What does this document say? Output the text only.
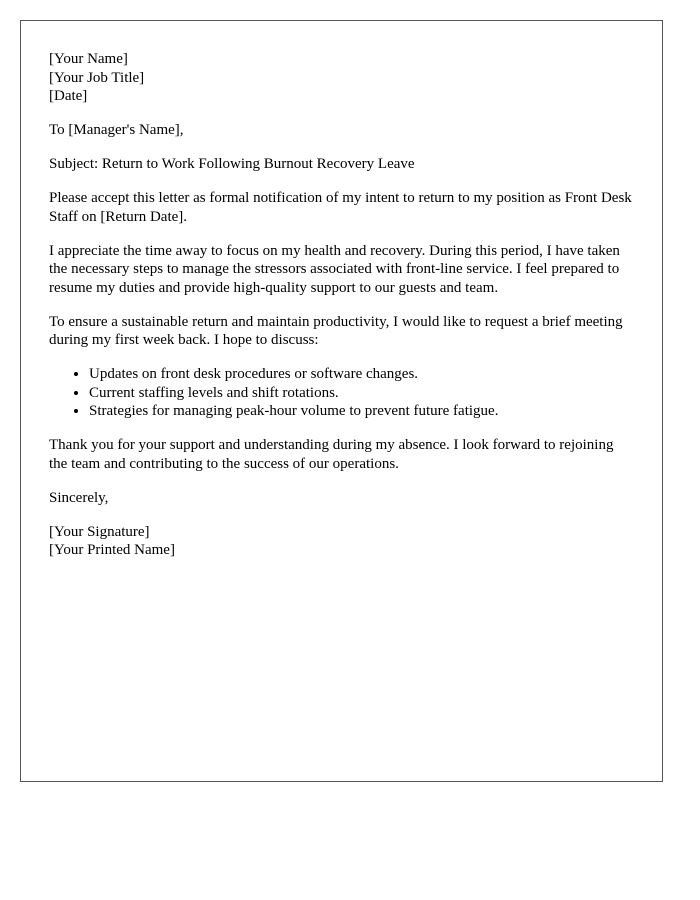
[Your Name]
[Your Job Title]
[Date]

To [Manager's Name],

Subject: Return to Work Following Burnout Recovery Leave

Please accept this letter as formal notification of my intent to return to my position as Front Desk Staff on [Return Date].

I appreciate the time away to focus on my health and recovery. During this period, I have taken the necessary steps to manage the stressors associated with front-line service. I feel prepared to resume my duties and provide high-quality support to our guests and team.

To ensure a sustainable return and maintain productivity, I would like to request a brief meeting during my first week back. I hope to discuss:

• Updates on front desk procedures or software changes.
• Current staffing levels and shift rotations.
• Strategies for managing peak-hour volume to prevent future fatigue.

Thank you for your support and understanding during my absence. I look forward to rejoining the team and contributing to the success of our operations.

Sincerely,

[Your Signature]
[Your Printed Name]
